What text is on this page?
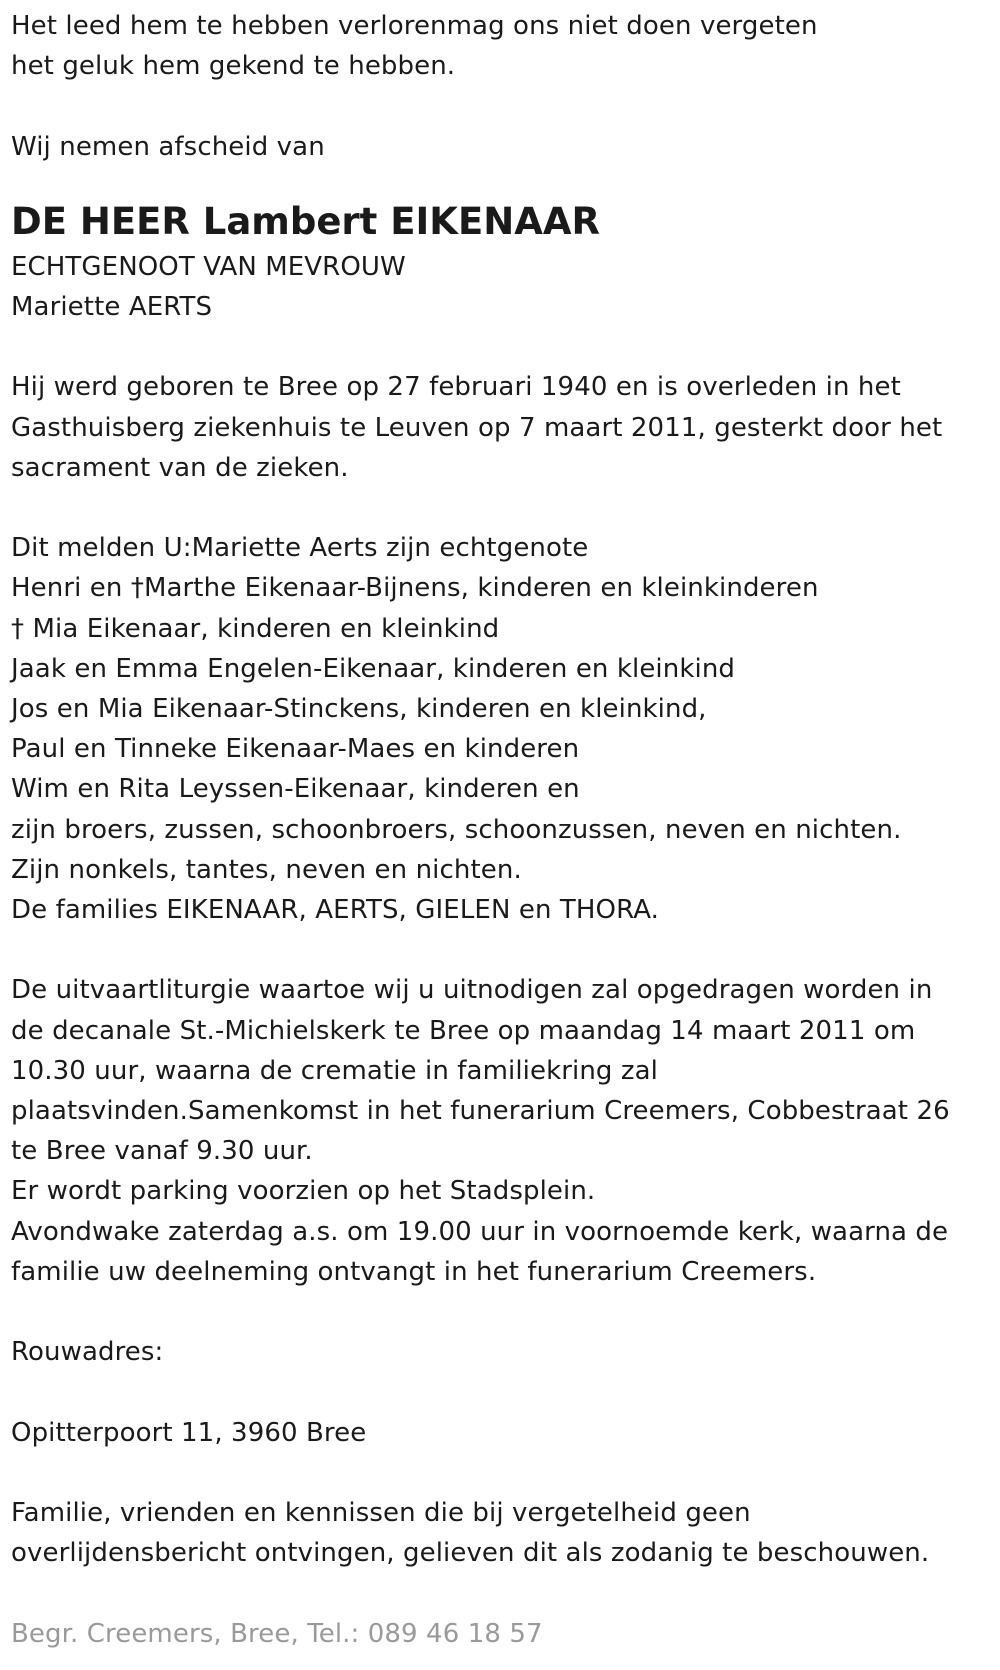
Het leed hem te hebben verlorenmag ons niet doen vergeten
het geluk hem gekend te hebben.
Wij nemen afscheid van
DE HEER Lambert EIKENAAR
ECHTGENOOT VAN MEVROUW
Mariette AERTS
Hij werd geboren te Bree op 27 februari 1940 en is overleden in het
Gasthuisberg ziekenhuis te Leuven op 7 maart 2011, gesterkt door het
sacrament van de zieken.
Dit melden U:Mariette Aerts zijn echtgenote
Henri en †Marthe Eikenaar-Bijnens, kinderen en kleinkinderen
† Mia Eikenaar, kinderen en kleinkind
Jaak en Emma Engelen-Eikenaar, kinderen en kleinkind
Jos en Mia Eikenaar-Stinckens, kinderen en kleinkind,
Paul en Tinneke Eikenaar-Maes en kinderen
Wim en Rita Leyssen-Eikenaar, kinderen en
zijn broers, zussen, schoonbroers, schoonzussen, neven en nichten.
Zijn nonkels, tantes, neven en nichten.
De families EIKENAAR, AERTS, GIELEN en THORA.
De uitvaartliturgie waartoe wij u uitnodigen zal opgedragen worden in
de decanale St.-Michielskerk te Bree op maandag 14 maart 2011 om
10.30 uur, waarna de crematie in familiekring zal
plaatsvinden.Samenkomst in het funerarium Creemers, Cobbestraat 26
te Bree vanaf 9.30 uur.
Er wordt parking voorzien op het Stadsplein.
Avondwake zaterdag a.s. om 19.00 uur in voornoemde kerk, waarna de
familie uw deelneming ontvangt in het funerarium Creemers.
Rouwadres:
Opitterpoort 11, 3960 Bree
Familie, vrienden en kennissen die bij vergetelheid geen
overlijdensbericht ontvingen, gelieven dit als zodanig te beschouwen.
Begr. Creemers, Bree, Tel.: 089 46 18 57
